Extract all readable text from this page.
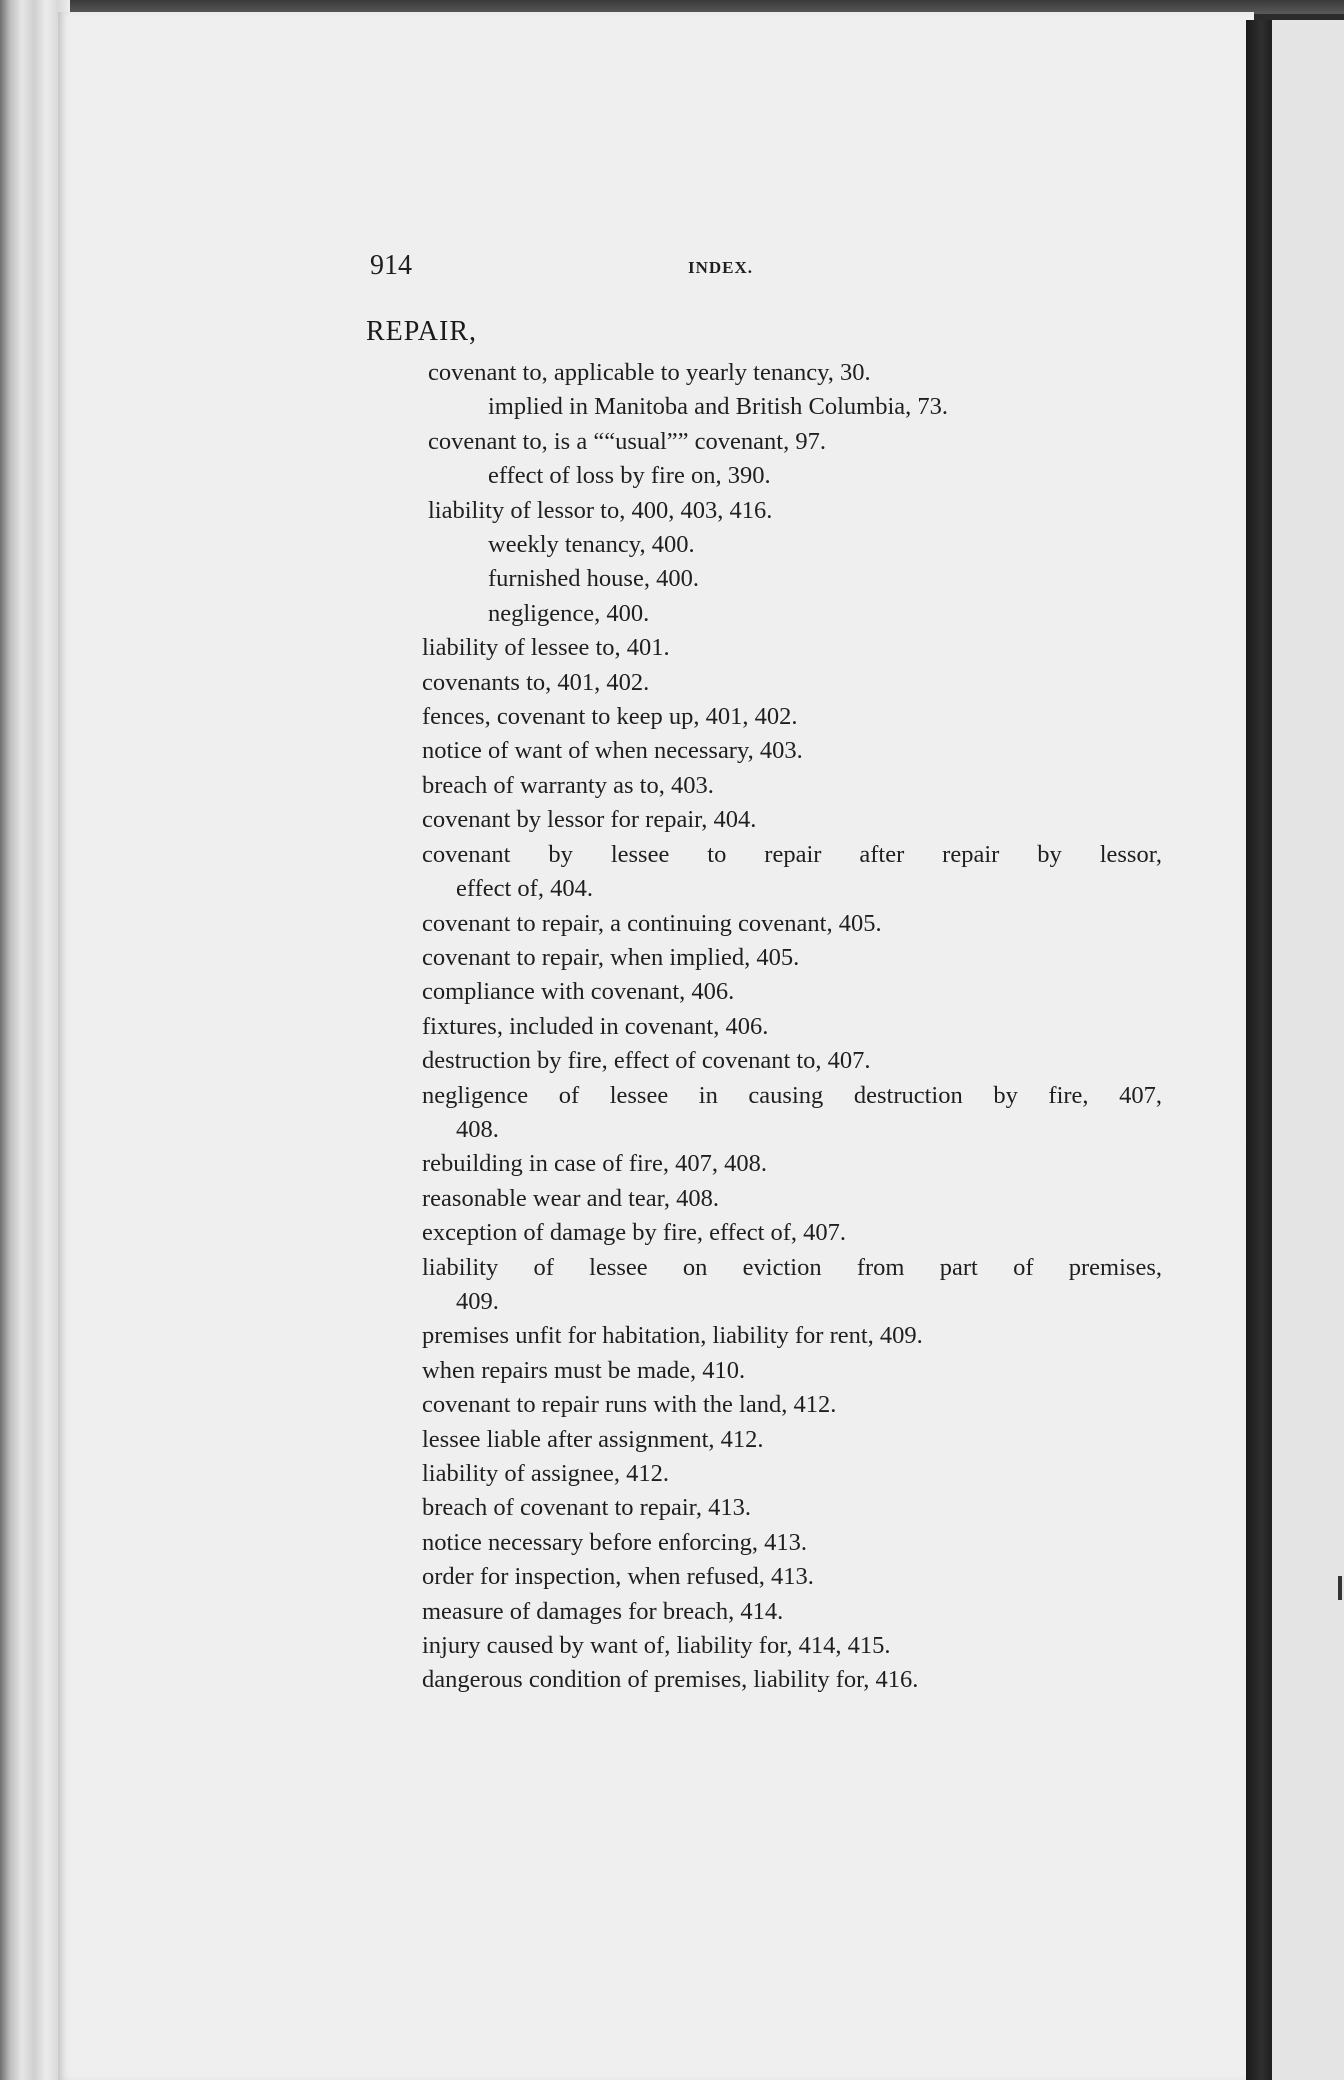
914	INDEX.
REPAIR,
covenant to, applicable to yearly tenancy, 30.
implied in Manitoba and British Columbia, 73.
covenant to, is a ““usual”” covenant, 97.
effect of loss by fire on, 390.
liability of lessor to, 400, 403, 416.
weekly tenancy, 400.
furnished house, 400.
negligence, 400.
liability of lessee to, 401.
covenants to, 401, 402.
fences, covenant to keep up, 401, 402.
notice of want of when necessary, 403.
breach of warranty as to, 403.
covenant by lessor for repair, 404.
covenant by lessee to repair after repair by lessor,
effect of, 404.
covenant to repair, a continuing covenant, 405.
covenant to repair, when implied, 405.
compliance with covenant, 406.
fixtures, included in covenant, 406.
destruction by fire, effect of covenant to, 407.
negligence of lessee in causing destruction by fire, 407,
408.
rebuilding in case of fire, 407, 408.
reasonable wear and tear, 408.
exception of damage by fire, effect of, 407.
liability of lessee on eviction from part of premises,
409.
premises unfit for habitation, liability for rent, 409.
when repairs must be made, 410.
covenant to repair runs with the land, 412.
lessee liable after assignment, 412.
liability of assignee, 412.
breach of covenant to repair, 413.
notice necessary before enforcing, 413.
order for inspection, when refused, 413.
measure of damages for breach, 414.
injury caused by want of, liability for, 414, 415.
dangerous condition of premises, liability for, 416.
